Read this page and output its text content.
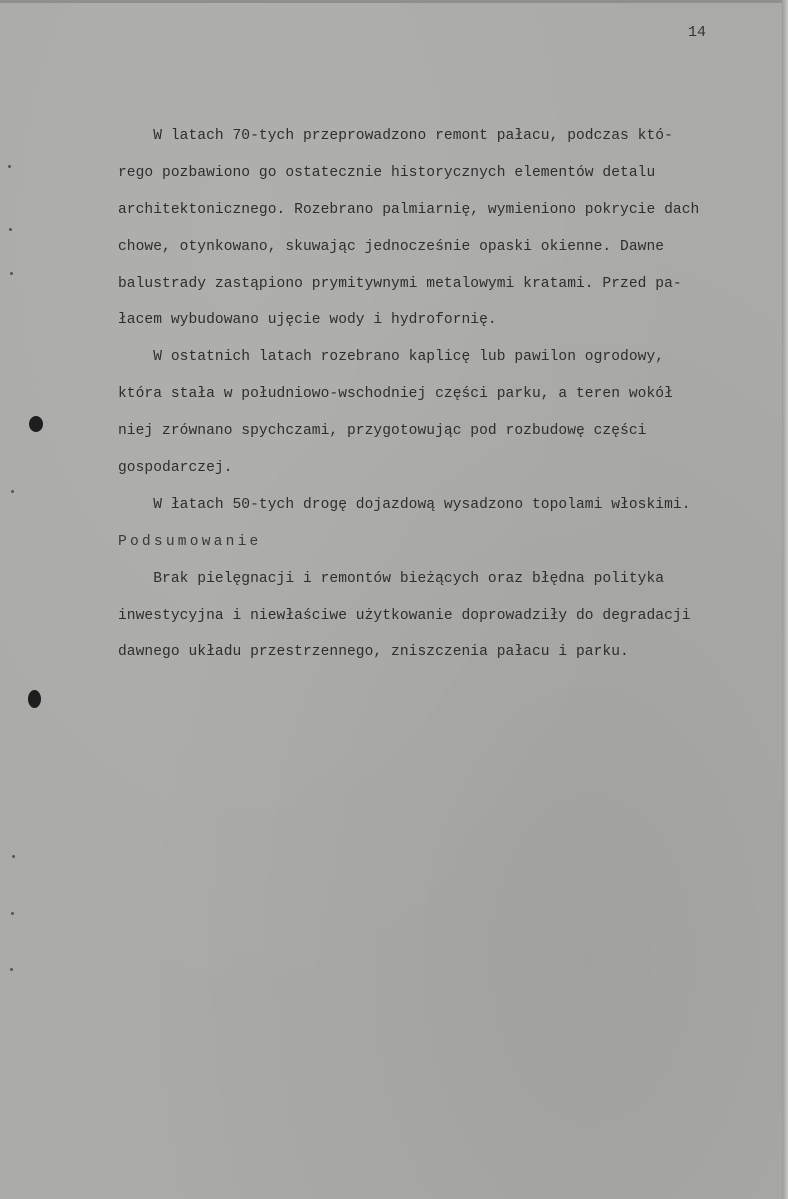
14
W latach 70-tych przeprowadzono remont pałacu, podczas któ-
rego pozbawiono go ostatecznie historycznych elementów detalu
architektonicznego. Rozebrano palmiarnię, wymieniono pokrycie dach
chowe, otynkowano, skuwając jednocześnie opaski okienne. Dawne
balustrady zastąpiono prymitywnymi metalowymi kratami. Przed pa-
łacem wybudowano ujęcie wody i hydrofornię.
W ostatnich latach rozebrano kaplicę lub pawilon ogrodowy,
która stała w południowo-wschodniej części parku, a teren wokół
niej zrównano spychczami, przygotowując pod rozbudowę części
gospodarczej.
W łatach 50-tych drogę dojazdową wysadzono topolami włoskimi.
Podsumowanie
Brak pielęgnacji i remontów bieżących oraz błędna polityka
inwestycyjna i niewłaściwe użytkowanie doprowadziły do degradacji
dawnego układu przestrzennego, zniszczenia pałacu i parku.
